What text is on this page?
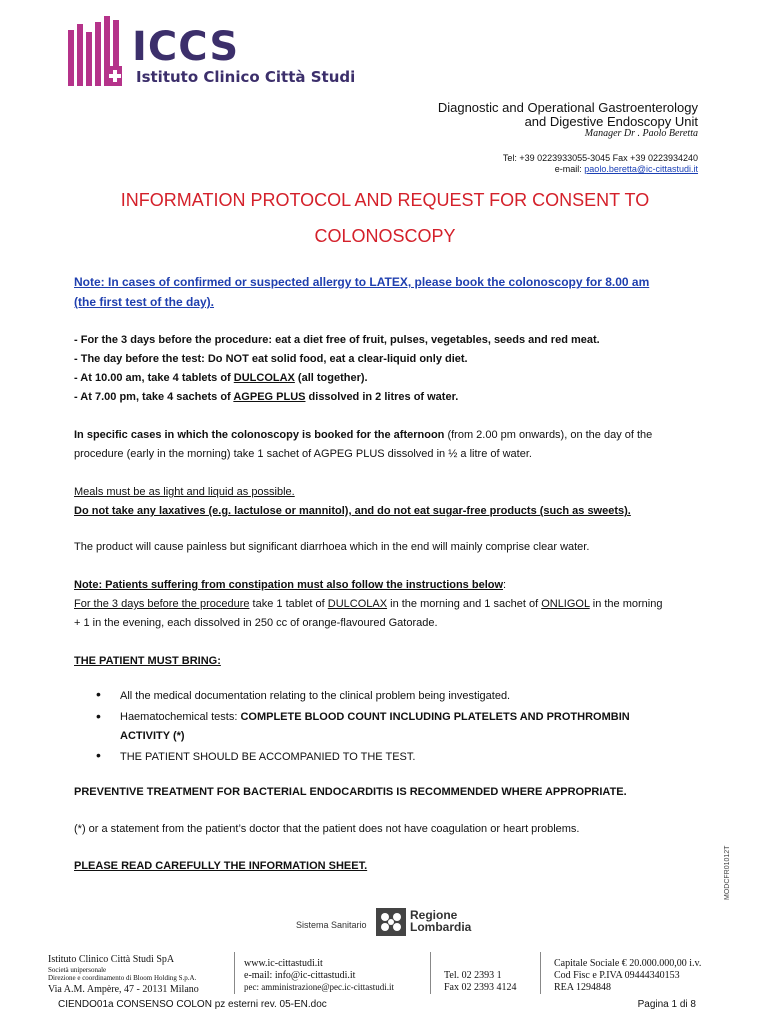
ICCS
Istituto Clinico Città Studi
Diagnostic and Operational Gastroenterology
and Digestive Endoscopy Unit
Manager Dr . Paolo Beretta
Tel: +39 0223933055-3045 Fax +39 0223934240
e-mail: paolo.beretta@ic-cittastudi.it
INFORMATION PROTOCOL AND REQUEST FOR CONSENT TO
COLONOSCOPY
Note: In cases of confirmed or suspected allergy to LATEX, please book the colonoscopy for 8.00 am
(the first test of the day).
- For the 3 days before the procedure: eat a diet free of fruit, pulses, vegetables, seeds and red meat.
- The day before the test: Do NOT eat solid food, eat a clear-liquid only diet.
- At 10.00 am, take 4 tablets of DULCOLAX (all together).
- At 7.00 pm, take 4 sachets of AGPEG PLUS dissolved in 2 litres of water.
In specific cases in which the colonoscopy is booked for the afternoon (from 2.00 pm onwards), on the day of the
procedure (early in the morning) take 1 sachet of AGPEG PLUS dissolved in ½ a litre of water.
Meals must be as light and liquid as possible.
Do not take any laxatives (e.g. lactulose or mannitol), and do not eat sugar-free products (such as sweets).
The product will cause painless but significant diarrhoea which in the end will mainly comprise clear water.
Note: Patients suffering from constipation must also follow the instructions below:
For the 3 days before the procedure take 1 tablet of DULCOLAX in the morning and 1 sachet of ONLIGOL in the morning
+ 1 in the evening, each dissolved in 250 cc of orange-flavoured Gatorade.
THE PATIENT MUST BRING:
• All the medical documentation relating to the clinical problem being investigated.
• Haematochemical tests: COMPLETE BLOOD COUNT INCLUDING PLATELETS AND PROTHROMBIN
ACTIVITY (*)
• THE PATIENT SHOULD BE ACCOMPANIED TO THE TEST.
PREVENTIVE TREATMENT FOR BACTERIAL ENDOCARDITIS IS RECOMMENDED WHERE APPROPRIATE.
(*) or a statement from the patient’s doctor that the patient does not have coagulation or heart problems.
PLEASE READ CAREFULLY THE INFORMATION SHEET.
Sistema Sanitario
Regione
Lombardia
Istituto Clinico Città Studi SpA
Società unipersonale
Direzione e coordinamento di Bloom Holding S.p.A.
Via A.M. Ampère, 47 - 20131 Milano
www.ic-cittastudi.it
e-mail: info@ic-cittastudi.it
pec: amministrazione@pec.ic-cittastudi.it
Tel. 02 2393 1
Fax 02 2393 4124
Capitale Sociale € 20.000.000,00 i.v.
Cod Fisc e P.IVA 09444340153
REA 1294848
CIENDO01a CONSENSO COLON pz esterni rev. 05-EN.doc	Pagina 1 di 8
MODCFR01012T
